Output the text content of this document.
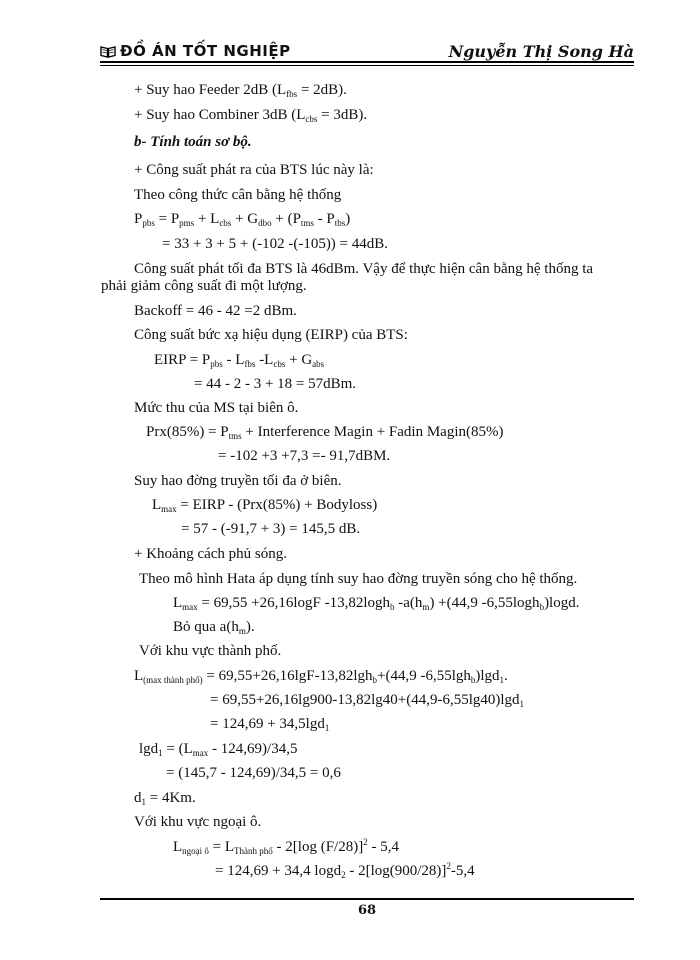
ĐỒ ÁN TỐT NGHIỆP	Nguyễn Thị Song Hà
+ Suy hao Feeder 2dB $(L_{fbs} = 2dB)$.
+ Suy hao Combiner 3dB $(L_{cbs} = 3dB)$.
b- Tính toán sơ bộ.
+ Công suất phát ra của BTS lúc này là:
Theo công thức cân bằng hệ thống
$P_{pbs} = P_{pms} + L_{cbs} + G_{dbo} + (P_{tms} - P_{tbs})$
= 33 + 3 + 5 + (-102 -(-105)) = 44dB.
Công suất phát tối đa BTS là 46dBm. Vậy để thực hiện cân bằng hệ thống ta
phải giảm công suất đi một lượng.
Backoff = 46 - 42 =2 dBm.
Công suất bức xạ hiệu dụng (EIRP) của BTS:
EIRP = $P_{pbs} - L_{fbs}$ $-L_{cbs} + G_{abs}$
= 44 - 2 - 3 + 18 = 57dBm.
Mức thu của MS tại biên ô.
$Prx(85\%) = P_{tms}$ + Interference Magin + Fadin Magin(85%)
= -102 +3 +7,3 =- 91,7dBM.
Suy hao đờng truyền tối đa ở biên.
$L_{max}$ = EIRP - (Prx(85%) + Bodyloss)
= 57 - (-91,7 + 3) = 145,5 dB.
+ Khoảng cách phủ sóng.
Theo mô hình Hata áp dụng tính suy hao đờng truyền sóng cho hệ thống.
$L_{max} = 69,55 +26,16\log F$ -13,82logh$_b$ $-a(h_m) +(44,9$ -6,55logh$_b$)logd.
Bỏ qua $a(h_m)$.
Với khu vực thành phố.
$L_{(max thành phố)} = 69,55+26,16\lg F-13,82\lg h_b+(44,9$ -6,55lgh$_b$)lgd$_1$.
= 69,55+26,16lg900-13,82lg40+(44,9-6,55lg40)lgd$_1$
= 124,69 + 34,5lgd$_1$
$\lg d_1 = (L_{max} - 124,69)/34,5$
= (145,7 - 124,69)/34,5 = 0,6
$d_1 = 4Km$.
Với khu vực ngoại ô.
$L_{ngoại ô} = L_{Thành phố} - 2[\log$ (F/28)]$^2$ - 5,4
= 124,69 + 34,4 $\log d_2 - 2[\log(900/28)]^2-5,4$
68
